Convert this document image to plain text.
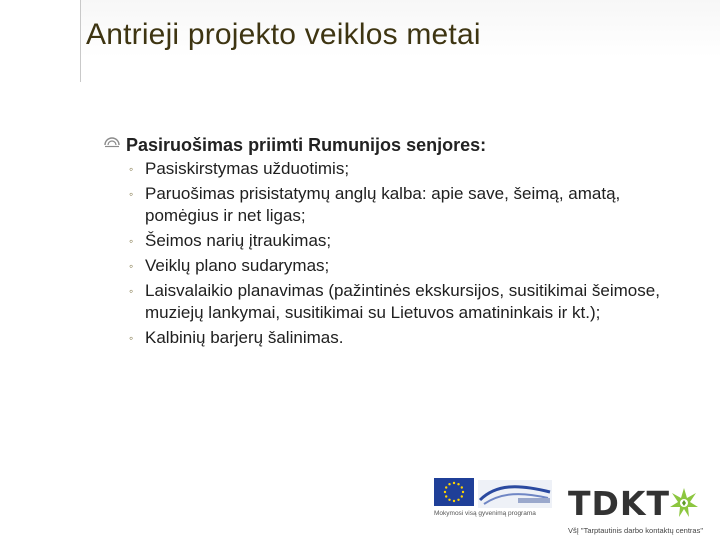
Antrieji projekto veiklos metai
Pasiruošimas priimti Rumunijos senjores:
◦ Pasiskirstymas užduotimis;
◦ Paruošimas prisistatymų anglų kalba: apie save, šeimą, amatą, pomėgius ir net ligas;
◦ Šeimos narių įtraukimas;
◦ Veiklų plano sudarymas;
◦ Laisvalaikio planavimas (pažintinės ekskursijos, susitikimai šeimose, muziejų lankymai, susitikimai su Lietuvos amatininkais ir kt.);
◦ Kalbinių barjerų šalinimas.
Mokymosi visą gyvenimą programa TDKT
VšĮ "Tarptautinis darbo kontaktų centras"
